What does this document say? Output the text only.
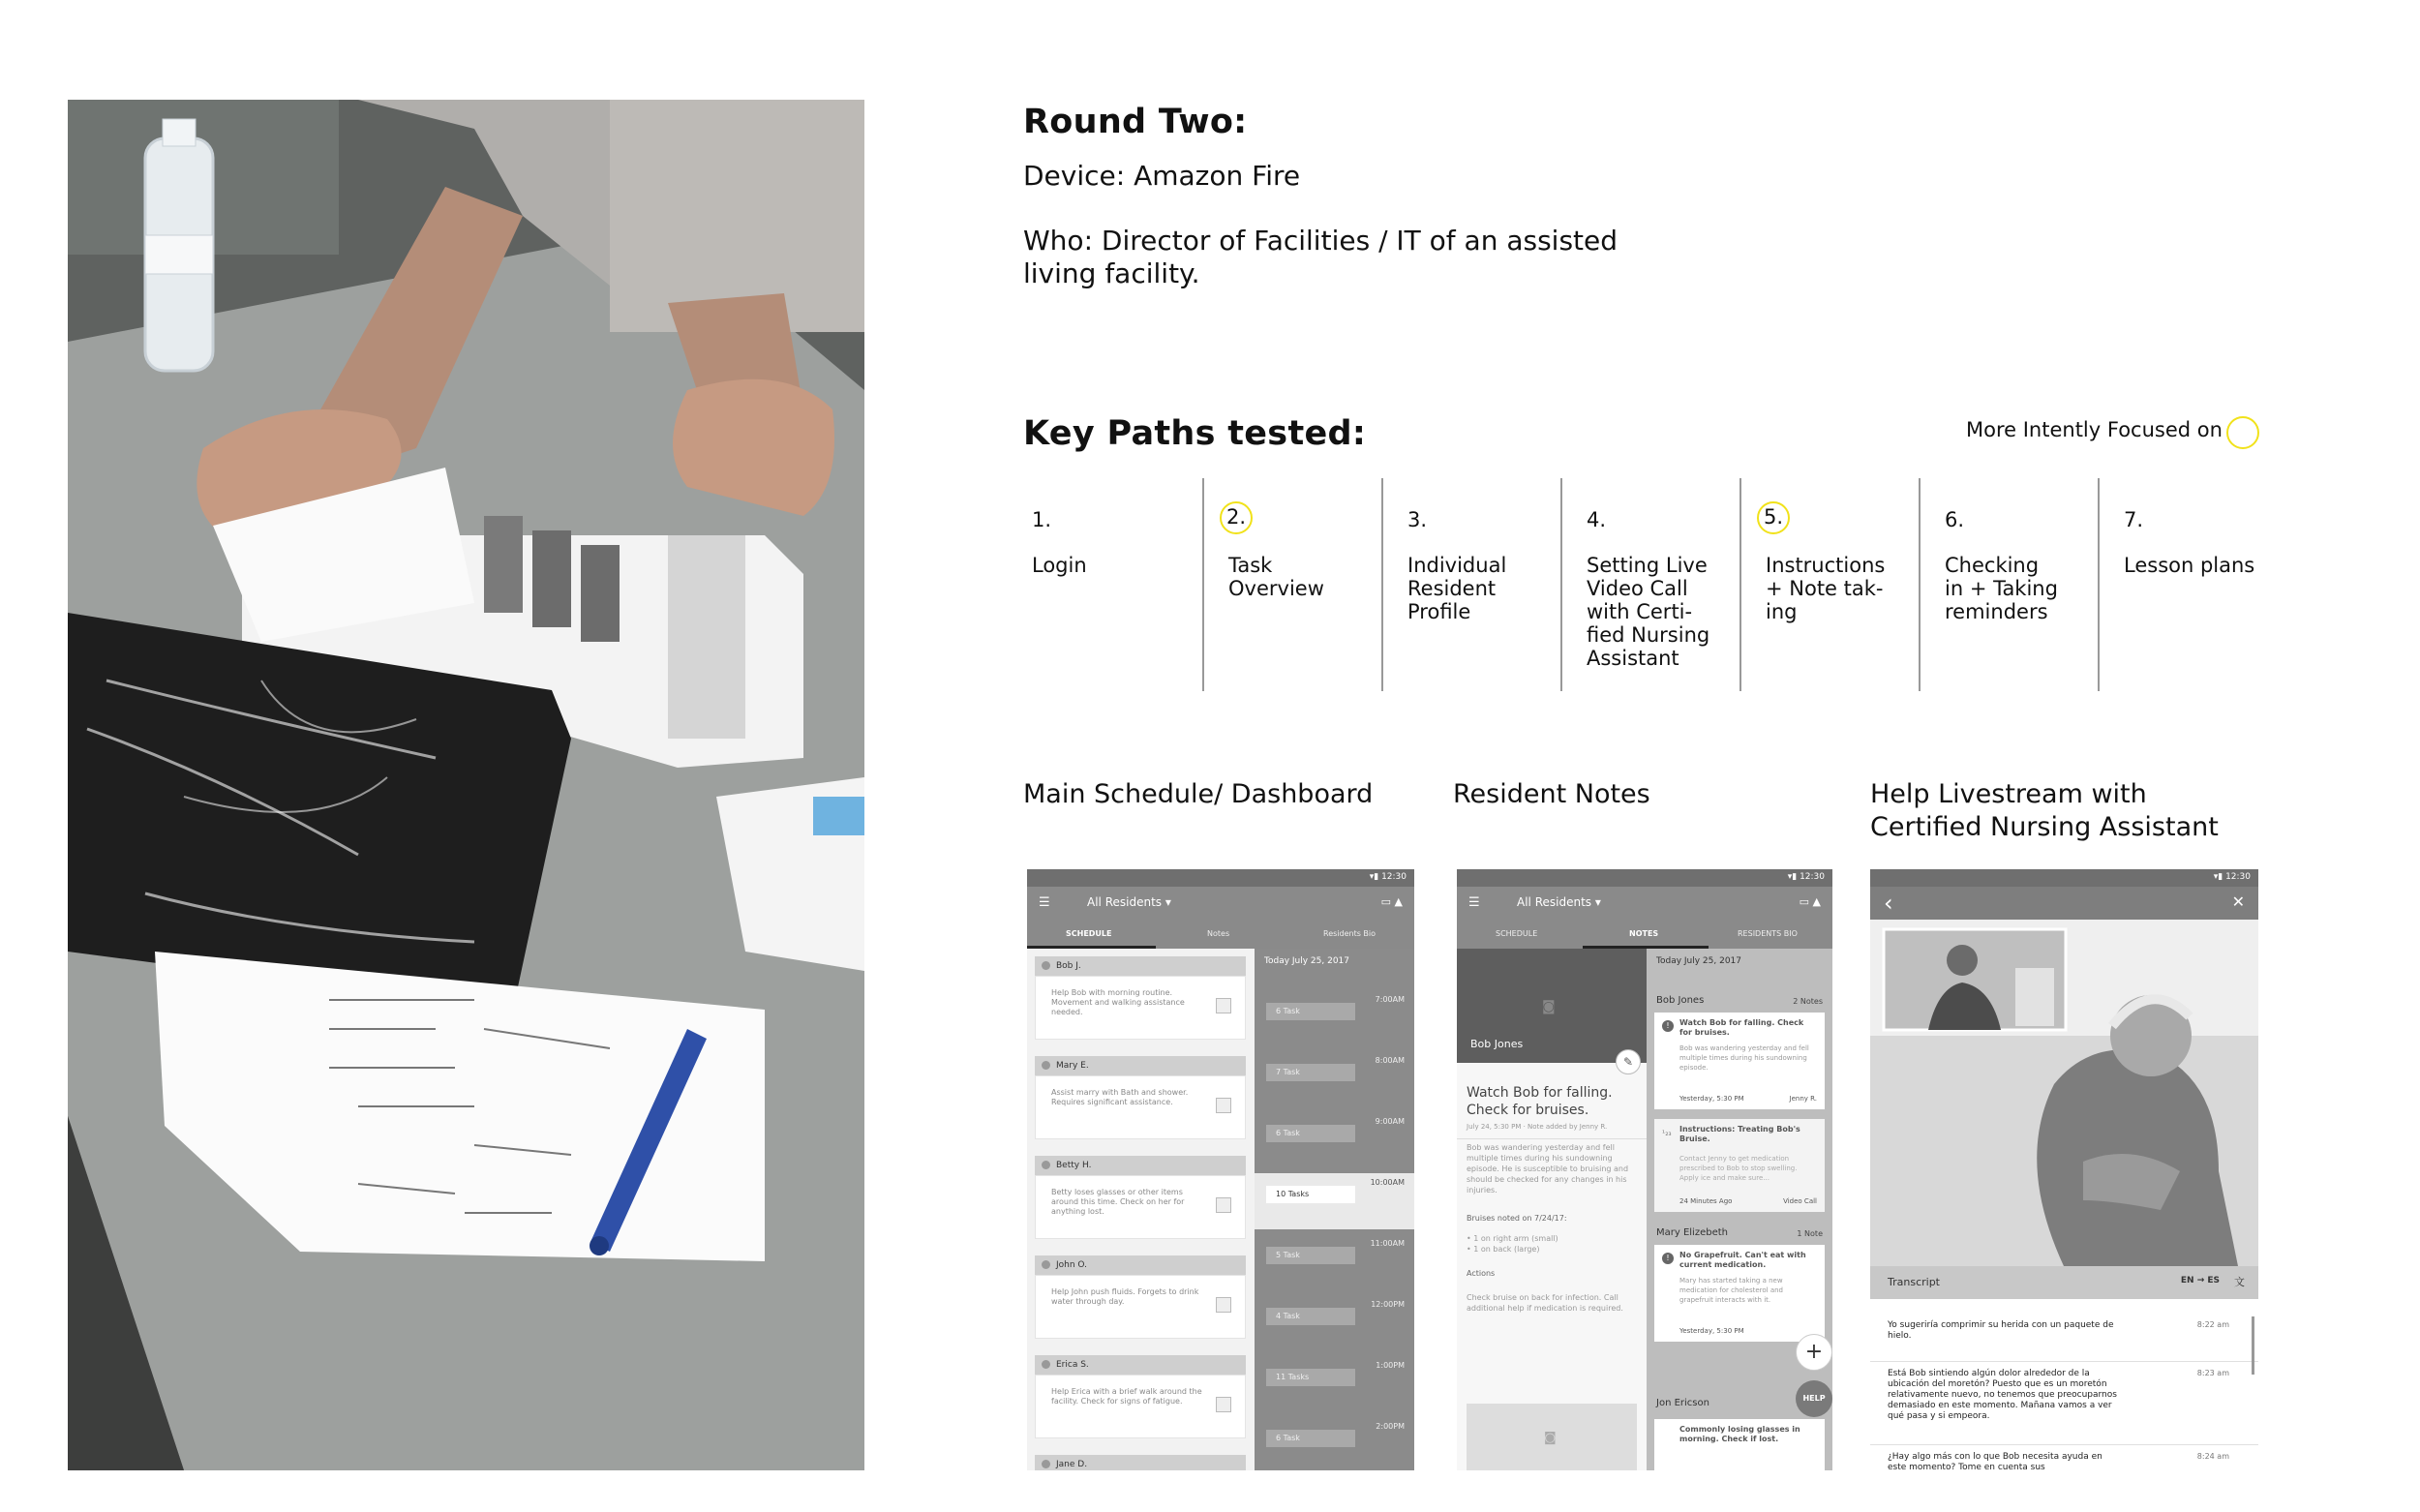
Round Two:
Device: Amazon Fire
Who: Director of Facilities / IT of an assisted living facility.
Key Paths tested:	More Intently Focused on
1.
Login
2.
Task
Overview
3.
Individual
Resident
Profile
4.
Setting Live
Video Call
with Certi-
fied Nursing
Assistant
5.
Instructions
+ Note tak-
ing
6.
Checking
in + Taking
reminders
7.
Lesson plans
Main Schedule/ Dashboard	Resident Notes	Help Livestream with
Certified Nursing Assistant
▾▮ 12:30
☰	All Residents ▾	▭ ▲
SCHEDULE	Notes	Residents Bio
Bob J.
Help Bob with morning routine. Movement and walking assistance needed.
Mary E.
Assist marry with Bath and shower. Requires significant assistance.
Betty H.
Betty loses glasses or other items around this time. Check on her for anything lost.
John O.
Help John push fluids. Forgets to drink water through day.
Erica S.
Help Erica with a brief walk around the facility. Check for signs of fatigue.
Jane D.
Today July 25, 2017
6 Task
7:00AM
7 Task
8:00AM
6 Task
9:00AM
10 Tasks
10:00AM
5 Task
11:00AM
4 Task
12:00PM
11 Tasks
1:00PM
6 Task
2:00PM
▾▮ 12:30
☰	All Residents ▾	▭ ▲
SCHEDULE	NOTES	RESIDENTS BIO
◙
Bob Jones
✎
Watch Bob for falling. Check for bruises.
July 24, 5:30 PM · Note added by Jenny R.
Bob was wandering yesterday and fell multiple times during his sundowning episode. He is susceptible to bruising and should be checked for any changes in his injuries.
Bruises noted on 7/24/17:
• 1 on right arm (small)
• 1 on back (large)
Actions
Check bruise on back for infection. Call additional help if medication is required.
◙
Today July 25, 2017
Bob Jones	2 Notes
!	Watch Bob for falling. Check for bruises.
Bob was wandering yesterday and fell multiple times during his sundowning episode.
Yesterday, 5:30 PM	Jenny R.
¹₂₃ Instructions: Treating Bob's Bruise.
Contact Jenny to get medication prescribed to Bob to stop swelling. Apply ice and make sure...
24 Minutes Ago	Video Call
Mary Elizebeth	1 Note
!	No Grapefruit. Can't eat with current medication.
Mary has started taking a new medication for cholesterol and grapefruit interacts with it.
Yesterday, 5:30 PM
Jon Ericson
Commonly losing glasses in morning. Check if lost.
+
HELP
▾▮ 12:30
‹	✕
Transcript	EN → ES 文
Yo sugeriría comprimir su herida con un paquete de hielo.
8:22 am
Está Bob sintiendo algún dolor alrededor de la ubicación del moretón? Puesto que es un moretón relativamente nuevo, no tenemos que preocuparnos demasiado en este momento. Mañana vamos a ver qué pasa y si empeora.
8:23 am
¿Hay algo más con lo que Bob necesita ayuda en este momento? Tome en cuenta sus
8:24 am
